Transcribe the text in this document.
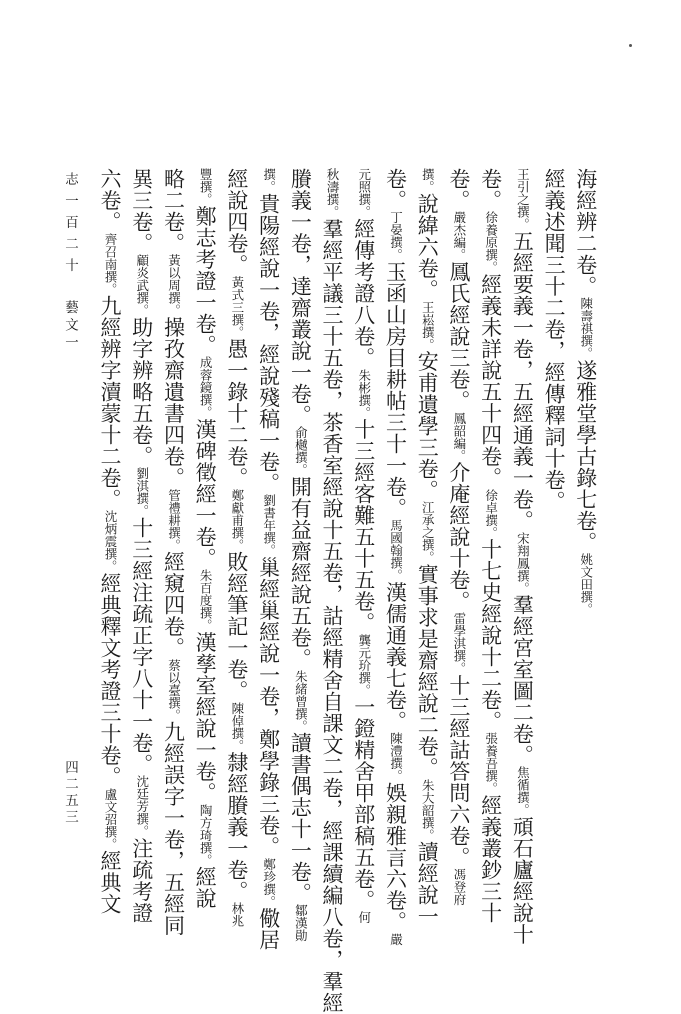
海經辨二卷。陳壽祺撰。遂雅堂學古錄七卷。姚文田撰。
經義述聞三十二卷，經傳釋詞十卷。
王引之撰。五經要義一卷，五經通義一卷。宋翔鳳撰。羣經宮室圖二卷。焦循撰。頑石廬經說十
卷。徐養原撰。經義未詳說五十四卷。徐卓撰。十七史經說十二卷。張養吾撰。經義叢鈔三十
卷。嚴杰編。鳳氏經說三卷。鳳韶編。介庵經說十卷。雷學淇撰。十三經詁答問六卷。馮登府
撰。說緯六卷。王崧撰。安甫遺學三卷。江承之撰。實事求是齋經說二卷。朱大韶撰。讀經說一
卷。丁晏撰。玉函山房目耕帖三十一卷。馬國翰撰。漢儒通義七卷。陳澧撰。娛親雅言六卷。嚴
元照撰。經傳考證八卷。朱彬撰。十三經客難五十五卷。龔元玠撰。一鐙精舍甲部稿五卷。何
秋濤撰。羣經平議三十五卷，茶香室經說十五卷，詁經精舍自課文二卷，經課續編八卷，羣經
賸義一卷，達齋叢說一卷。俞樾撰。開有益齋經說五卷。朱緒曾撰。讀書偶志十一卷。鄒漢勛
撰。貴陽經說一卷，經說殘稿一卷。劉書年撰。巢經巢經說一卷，鄭學錄三卷。鄭珍撰。儆居
經說四卷。黃式三撰。愚一錄十二卷。鄭獻甫撰。敗經筆記一卷。陳倬撰。隸經賸義一卷。林兆
豐撰。鄭志考證一卷。成蓉鏡撰。漢碑徵經一卷。朱百度撰。漢孳室經說一卷。陶方琦撰。經說
略二卷。黃以周撰。操孜齋遺書四卷。管禮耕撰。經窺四卷。蔡以臺撰。九經誤字一卷，五經同
異三卷。顧炎武撰。助字辨略五卷。劉淇撰。十三經注疏正字八十一卷。沈廷芳撰。注疏考證
六卷。齊召南撰。九經辨字瀆蒙十二卷。沈炳震撰。經典釋文考證三十卷。盧文弨撰。經典文
志一百二十
藝文一
四二五三
